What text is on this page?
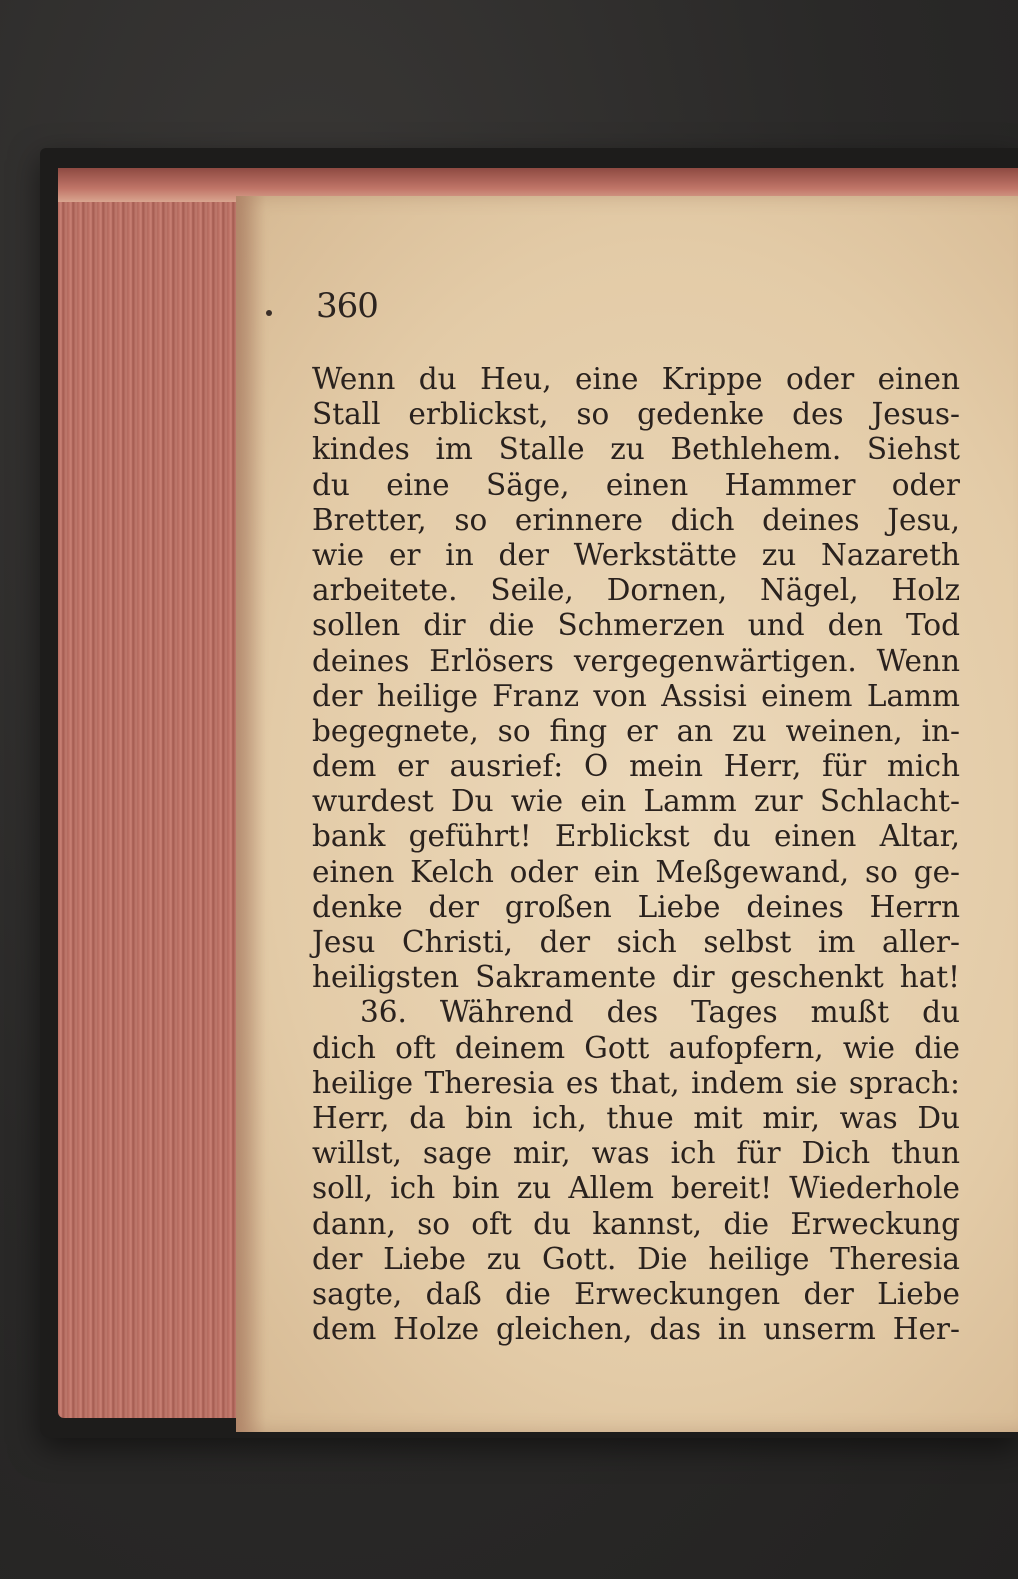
360
Wenn du Heu, eine Krippe oder einen
Stall erblickst, so gedenke des Jesus-
kindes im Stalle zu Bethlehem. Siehst
du eine Säge, einen Hammer oder
Bretter, so erinnere dich deines Jesu,
wie er in der Werkstätte zu Nazareth
arbeitete. Seile, Dornen, Nägel, Holz
sollen dir die Schmerzen und den Tod
deines Erlösers vergegenwärtigen. Wenn
der heilige Franz von Assisi einem Lamm
begegnete, so fing er an zu weinen, in-
dem er ausrief: O mein Herr, für mich
wurdest Du wie ein Lamm zur Schlacht-
bank geführt! Erblickst du einen Altar,
einen Kelch oder ein Meßgewand, so ge-
denke der großen Liebe deines Herrn
Jesu Christi, der sich selbst im aller-
heiligsten Sakramente dir geschenkt hat!
36. Während des Tages mußt du
dich oft deinem Gott aufopfern, wie die
heilige Theresia es that, indem sie sprach:
Herr, da bin ich, thue mit mir, was Du
willst, sage mir, was ich für Dich thun
soll, ich bin zu Allem bereit! Wiederhole
dann, so oft du kannst, die Erweckung
der Liebe zu Gott. Die heilige Theresia
sagte, daß die Erweckungen der Liebe
dem Holze gleichen, das in unserm Her-
